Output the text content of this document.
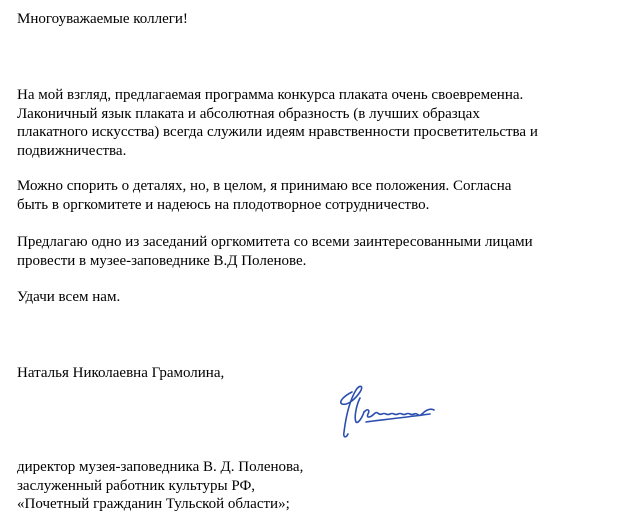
Многоуважаемые коллеги!
На мой взгляд, предлагаемая программа конкурса плаката очень своевременна.
Лаконичный язык плаката и абсолютная образность (в лучших образцах
плакатного искусства) всегда служили идеям нравственности просветительства и
подвижничества.
Можно спорить о деталях, но, в целом, я принимаю все положения. Согласна
быть в оргкомитете и надеюсь на плодотворное сотрудничество.
Предлагаю одно из заседаний оргкомитета со всеми заинтересованными лицами
провести в музее-заповеднике В.Д Поленове.
Удачи всем нам.
Наталья Николаевна Грамолина,
директор музея-заповедника В. Д. Поленова,
заслуженный работник культуры РФ,
«Почетный гражданин Тульской области»;
